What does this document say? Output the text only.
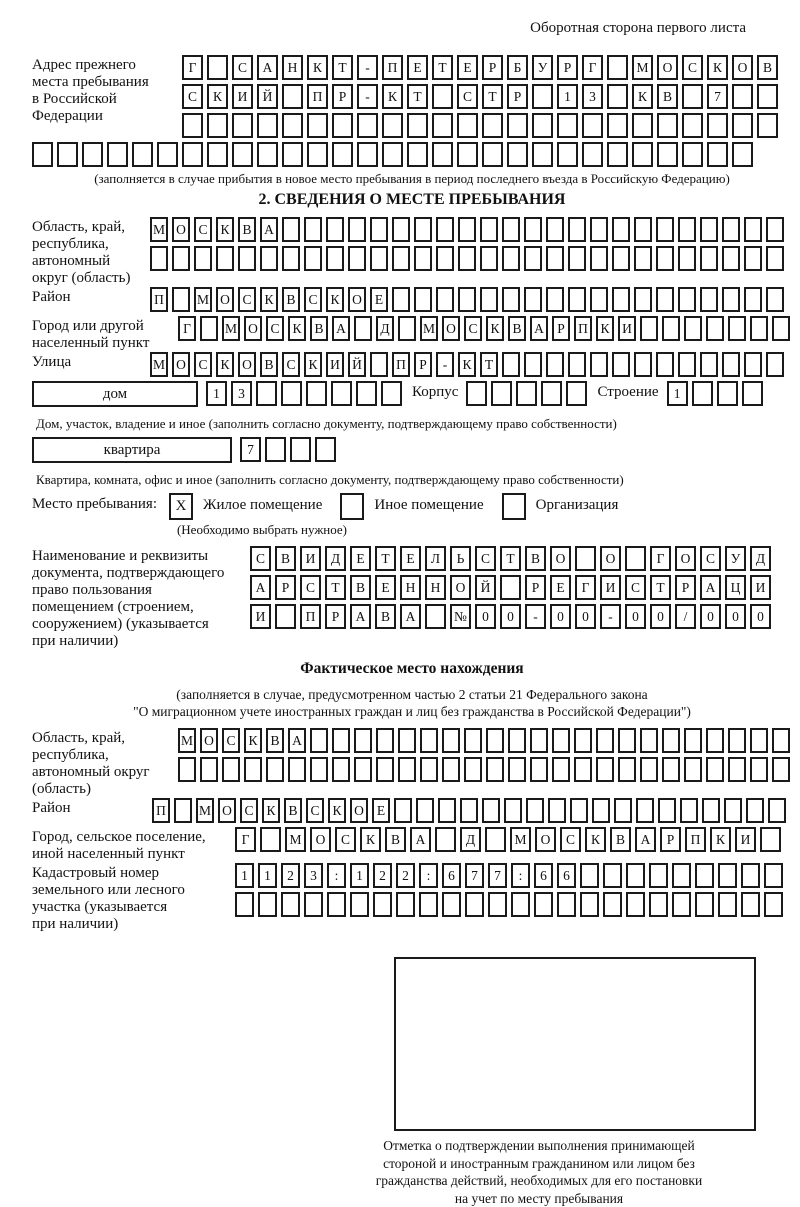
Оборотная сторона первого листа
Адрес прежнего
места пребывания
в Российской
Федерации
Г	С	А	Н	К	Т	-	П	Е	Т	Е	Р	Б	У	Р	Г	М	О	С	К	О	В
С	К	И	Й	П	Р	-	К	Т	С	Т	Р	1	3	К	В	7
(заполняется в случае прибытия в новое место пребывания в период последнего въезда в Российскую Федерацию)
2. СВЕДЕНИЯ О МЕСТЕ ПРЕБЫВАНИЯ
Область, край,
республика,
автономный
округ (область)
М О С К В А
Район	П	М О С К В С К О Е
Город или другой
населенный пункт
Г	М О С К В А	Д	М О С К В А Р П К И
Улица	М О С К О В С К И Й	П Р	-	К Т
дом	1	3	Корпус	Строение	1
Дом, участок, владение и иное (заполнить согласно документу, подтверждающему право собственности)
квартира	7
Квартира, комната, офис и иное (заполнить согласно документу, подтверждающему право собственности)
Место пребывания:	X	Жилое помещение	Иное помещение	Организация
(Необходимо выбрать нужное)
Наименование и реквизиты
документа, подтверждающего
право пользования
помещением (строением,
сооружением) (указывается
при наличии)
С	В	И	Д	Е	Т	Е	Л	Ь	С	Т	В	О	О	Г	О	С	У	Д
А	Р	С	Т	В	Е	Н	Н	О	Й	Р	Е	Г	И	С	Т	Р	А	Ц	И
И	П	Р	А	В	А	№	0	0	-	0	0	-	0	0	/	0	0	0
Фактическое место нахождения
(заполняется в случае, предусмотренном частью 2 статьи 21 Федерального закона
"О миграционном учете иностранных граждан и лиц без гражданства в Российской Федерации")
Область, край,
республика,
автономный округ
(область)
М О С К В А
Район	П	М О С К В С К О Е
Город, сельское поселение,
иной населенный пункт
Г	М	О	С	К	В	А	Д	М	О	С	К	В	А	Р	П	К	И
Кадастровый номер
земельного или лесного
участка (указывается
при наличии)
1	1	2	3	:	1	2	2	:	6	7	7	:	6	6
Отметка о подтверждении выполнения принимающей
стороной и иностранным гражданином или лицом без
гражданства действий, необходимых для его постановки
на учет по месту пребывания
